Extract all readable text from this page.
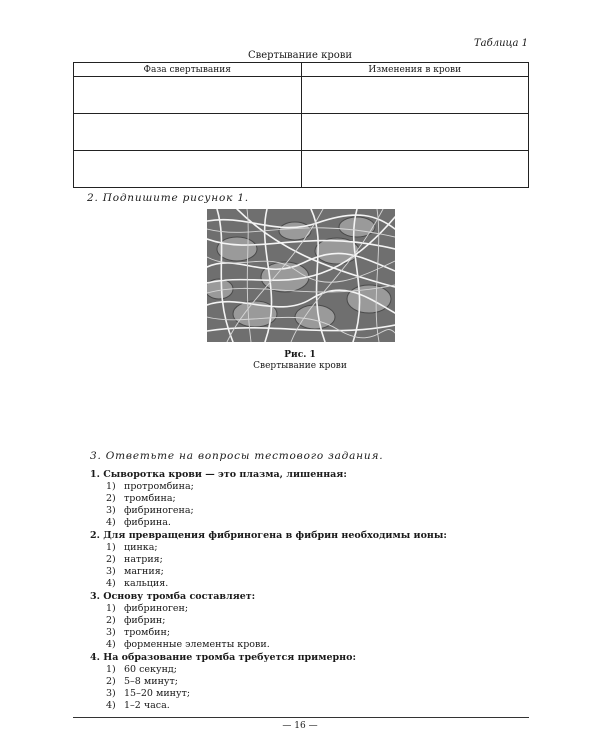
Таблица 1
Свертывание крови
Фаза свертывания	Изменения в крови

2. Подпишите рисунок 1.
Рис. 1
Свертывание крови
3. Ответьте на вопросы тестового задания.
1. Сыворотка крови — это плазма, лишенная:
1) протромбина;
2) тромбина;
3) фибриногена;
4) фибрина.
2. Для превращения фибриногена в фибрин необходимы ионы:
1) цинка;
2) натрия;
3) магния;
4) кальция.
3. Основу тромба составляет:
1) фибриноген;
2) фибрин;
3) тромбин;
4) форменные элементы крови.
4. На образование тромба требуется примерно:
1) 60 секунд;
2) 5–8 минут;
3) 15–20 минут;
4) 1–2 часа.
— 16 —
